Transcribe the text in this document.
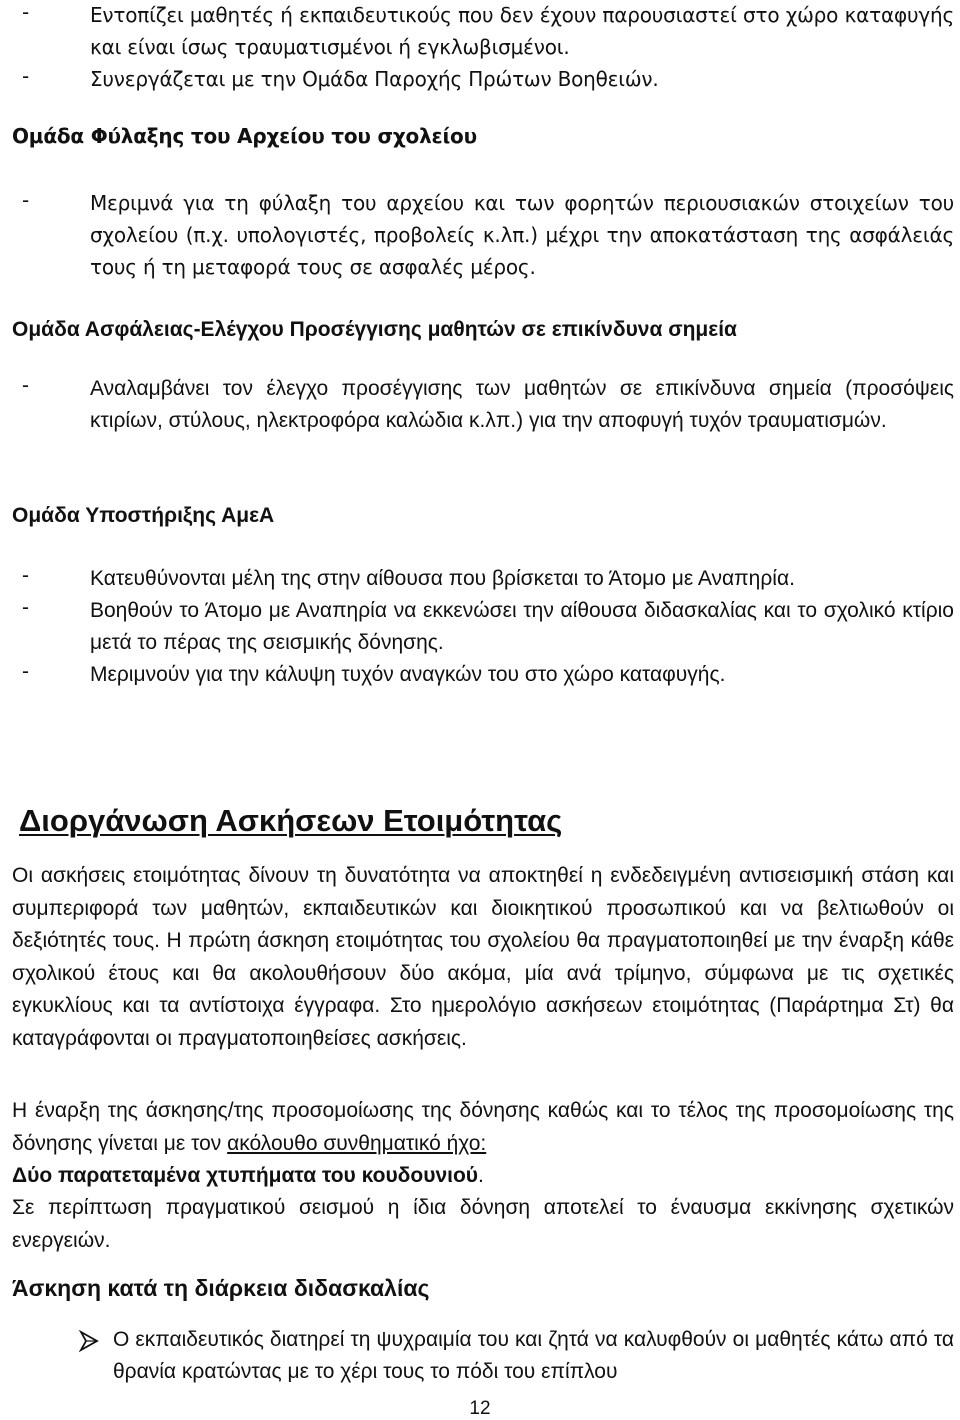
-	Εντοπίζει μαθητές ή εκπαιδευτικούς που δεν έχουν παρουσιαστεί στο χώρο καταφυγής και είναι ίσως τραυματισμένοι ή εγκλωβισμένοι.
-	Συνεργάζεται με την Ομάδα Παροχής Πρώτων Βοηθειών.
Ομάδα Φύλαξης του Αρχείου του σχολείου
-	Μεριμνά για τη φύλαξη του αρχείου και των φορητών περιουσιακών στοιχείων του σχολείου (π.χ. υπολογιστές, προβολείς κ.λπ.) μέχρι την αποκατάσταση της ασφάλειάς τους ή τη μεταφορά τους σε ασφαλές μέρος.
Ομάδα Ασφάλειας-Ελέγχου Προσέγγισης μαθητών σε επικίνδυνα σημεία
-	Αναλαμβάνει τον έλεγχο προσέγγισης των μαθητών σε επικίνδυνα σημεία (προσόψεις κτιρίων, στύλους, ηλεκτροφόρα καλώδια κ.λπ.) για την αποφυγή τυχόν τραυματισμών.
Ομάδα Υποστήριξης ΑμεΑ
-	Κατευθύνονται μέλη της στην αίθουσα που βρίσκεται το Άτομο με Αναπηρία.
-	Βοηθούν το Άτομο με Αναπηρία να εκκενώσει την αίθουσα διδασκαλίας και το σχολικό κτίριο μετά το πέρας της σεισμικής δόνησης.
-	Μεριμνούν για την κάλυψη τυχόν αναγκών του στο χώρο καταφυγής.
Διοργάνωση Ασκήσεων Ετοιμότητας
Οι ασκήσεις ετοιμότητας δίνουν τη δυνατότητα να αποκτηθεί η ενδεδειγμένη αντισεισμική στάση και συμπεριφορά των μαθητών, εκπαιδευτικών και διοικητικού προσωπικού και να βελτιωθούν οι δεξιότητές τους. Η πρώτη άσκηση ετοιμότητας του σχολείου θα πραγματοποιηθεί με την έναρξη κάθε σχολικού έτους και θα ακολουθήσουν δύο ακόμα, μία ανά τρίμηνο, σύμφωνα με τις σχετικές εγκυκλίους και τα αντίστοιχα έγγραφα. Στο ημερολόγιο ασκήσεων ετοιμότητας (Παράρτημα Στ) θα καταγράφονται οι πραγματοποιηθείσες ασκήσεις.
Η έναρξη της άσκησης/της προσομοίωσης της δόνησης καθώς και το τέλος της προσομοίωσης της δόνησης γίνεται με τον ακόλουθο συνθηματικό ήχο:
Δύο παρατεταμένα χτυπήματα του κουδουνιού.
Σε περίπτωση πραγματικού σεισμού η ίδια δόνηση αποτελεί το έναυσμα εκκίνησης σχετικών ενεργειών.
Άσκηση κατά τη διάρκεια διδασκαλίας
Ο εκπαιδευτικός διατηρεί τη ψυχραιμία του και ζητά να καλυφθούν οι μαθητές κάτω από τα θρανία κρατώντας με το χέρι τους το πόδι του επίπλου
12
